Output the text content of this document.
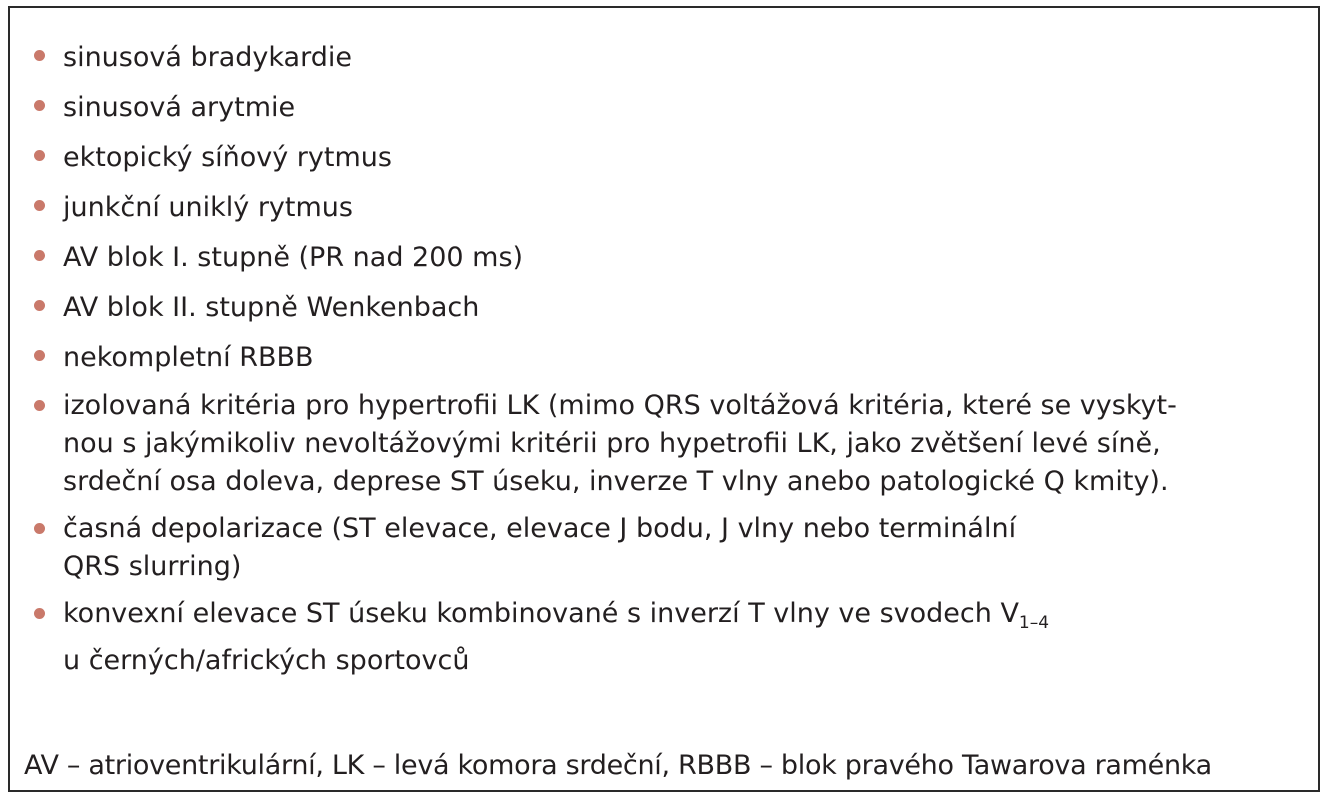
sinusová bradykardie
sinusová arytmie
ektopický síňový rytmus
junkční uniklý rytmus
AV blok I. stupně (PR nad 200 ms)
AV blok II. stupně Wenkenbach
nekompletní RBBB
izolovaná kritéria pro hypertrofii LK (mimo QRS voltážová kritéria, které se vyskyt-
nou s jakýmikoliv nevoltážovými kritérii pro hypetrofii LK, jako zvětšení levé síně,
srdeční osa doleva, deprese ST úseku, inverze T vlny anebo patologické Q kmity).
časná depolarizace (ST elevace, elevace J bodu, J vlny nebo terminální
QRS slurring)
konvexní elevace ST úseku kombinované s inverzí T vlny ve svodech $V_{1-4}$
u černých/afrických sportovců
AV – atrioventrikulární, LK – levá komora srdeční, RBBB – blok pravého Tawarova raménka
